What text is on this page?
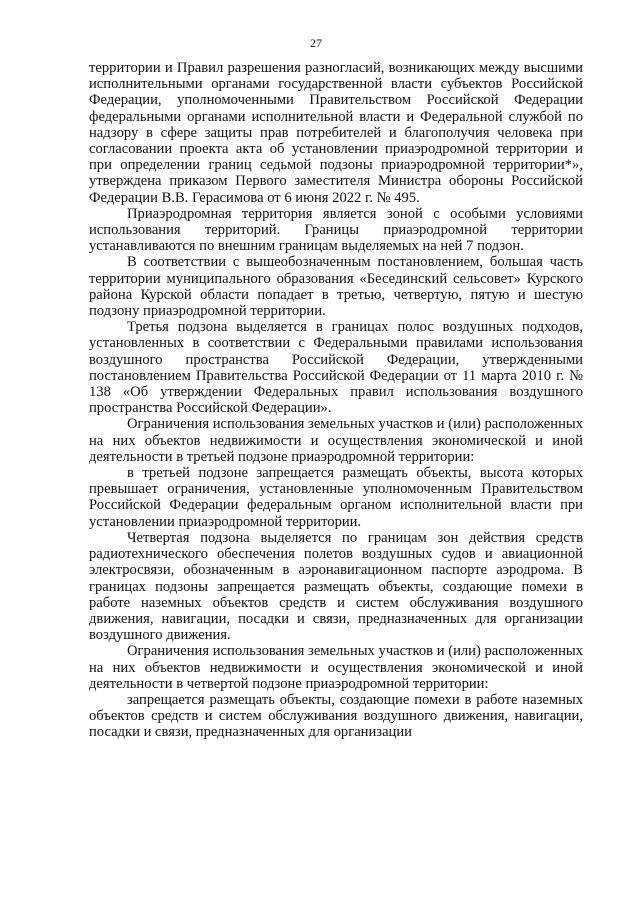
27

территории и Правил разрешения разногласий, возникающих между высшими исполнительными органами государственной власти субъектов Российской Федерации, уполномоченными Правительством Российской Федерации федеральными органами исполнительной власти и Федеральной службой по надзору в сфере защиты прав потребителей и благополучия человека при согласовании проекта акта об установлении приаэродромной территории и при определении границ седьмой подзоны приаэродромной территории*», утверждена приказом Первого заместителя Министра обороны Российской Федерации В.В. Герасимова от 6 июня 2022 г. № 495.

Приаэродромная территория является зоной с особыми условиями использования территорий. Границы приаэродромной территории устанавливаются по внешним границам выделяемых на ней 7 подзон.

В соответствии с вышеобозначенным постановлением, большая часть территории муниципального образования «Бесединский сельсовет» Курского района Курской области попадает в третью, четвертую, пятую и шестую подзону приаэродромной территории.

Третья подзона выделяется в границах полос воздушных подходов, установленных в соответствии с Федеральными правилами использования воздушного пространства Российской Федерации, утвержденными постановлением Правительства Российской Федерации от 11 марта 2010 г. № 138 «Об утверждении Федеральных правил использования воздушного пространства Российской Федерации».

Ограничения использования земельных участков и (или) расположенных на них объектов недвижимости и осуществления экономической и иной деятельности в третьей подзоне приаэродромной территории:

в третьей подзоне запрещается размещать объекты, высота которых превышает ограничения, установленные уполномоченным Правительством Российской Федерации федеральным органом исполнительной власти при установлении приаэродромной территории.

Четвертая подзона выделяется по границам зон действия средств радиотехнического обеспечения полетов воздушных судов и авиационной электросвязи, обозначенным в аэронавигационном паспорте аэродрома. В границах подзоны запрещается размещать объекты, создающие помехи в работе наземных объектов средств и систем обслуживания воздушного движения, навигации, посадки и связи, предназначенных для организации воздушного движения.

Ограничения использования земельных участков и (или) расположенных на них объектов недвижимости и осуществления экономической и иной деятельности в четвертой подзоне приаэродромной территории:

запрещается размещать объекты, создающие помехи в работе наземных объектов средств и систем обслуживания воздушного движения, навигации, посадки и связи, предназначенных для организации
